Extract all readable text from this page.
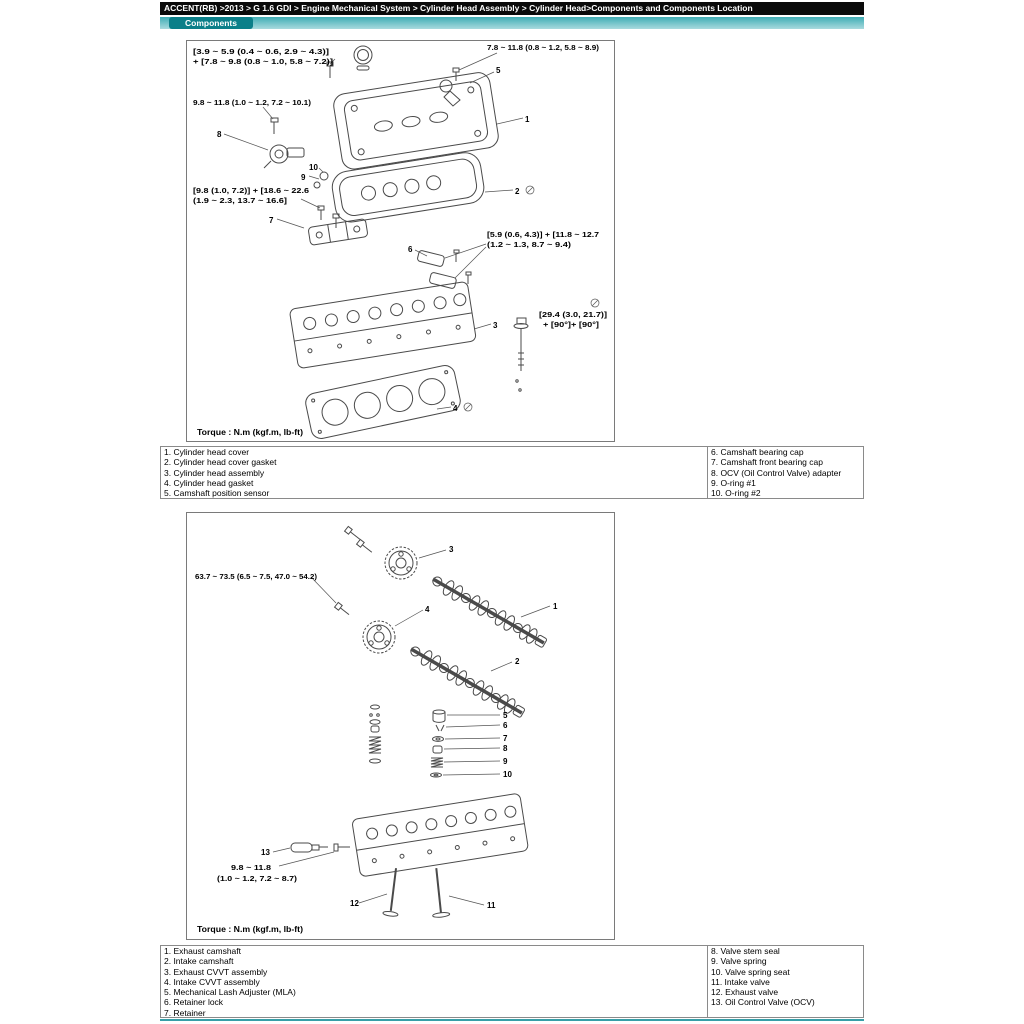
ACCENT(RB) >2013 > G 1.6 GDI > Engine Mechanical System > Cylinder Head Assembly > Cylinder Head>Components and Components Location
Components
[3.9 ~ 5.9 (0.4 ~ 0.6, 2.9 ~ 4.3)]
+ [7.8 ~ 9.8 (0.8 ~ 1.0, 5.8 ~ 7.2)]
7.8 ~ 11.8 (0.8 ~ 1.2, 5.8 ~ 8.9)
9.8 ~ 11.8 (1.0 ~ 1.2, 7.2 ~ 10.1)
[9.8 (1.0, 7.2)] + [18.6 ~ 22.6
(1.9 ~ 2.3, 13.7 ~ 16.6]
[5.9 (0.6, 4.3)] + [11.8 ~ 12.7
(1.2 ~ 1.3, 8.7 ~ 9.4)
[29.4 (3.0, 21.7)]
+ [90°]+ [90°]
1
2
3
4
5
6
7
8
9
10
Torque : N.m (kgf.m, lb-ft)
1. Cylinder head cover
2. Cylinder head cover gasket
3. Cylinder head assembly
4. Cylinder head gasket
5. Camshaft position sensor
6. Camshaft bearing cap
7. Camshaft front bearing cap
8. OCV (Oil Control Valve) adapter
9. O-ring #1
10. O-ring #2
63.7 ~ 73.5 (6.5 ~ 7.5, 47.0 ~ 54.2)
9.8 ~ 11.8
(1.0 ~ 1.2, 7.2 ~ 8.7)
1
2
3
4
5
6
7
8
9
10
11
12
13
Torque : N.m (kgf.m, lb-ft)
1. Exhaust camshaft
2. Intake camshaft
3. Exhaust CVVT assembly
4. Intake CVVT assembly
5. Mechanical Lash Adjuster (MLA)
6. Retainer lock
7. Retainer
8. Valve stem seal
9. Valve spring
10. Valve spring seat
11. Intake valve
12. Exhaust valve
13. Oil Control Valve (OCV)
